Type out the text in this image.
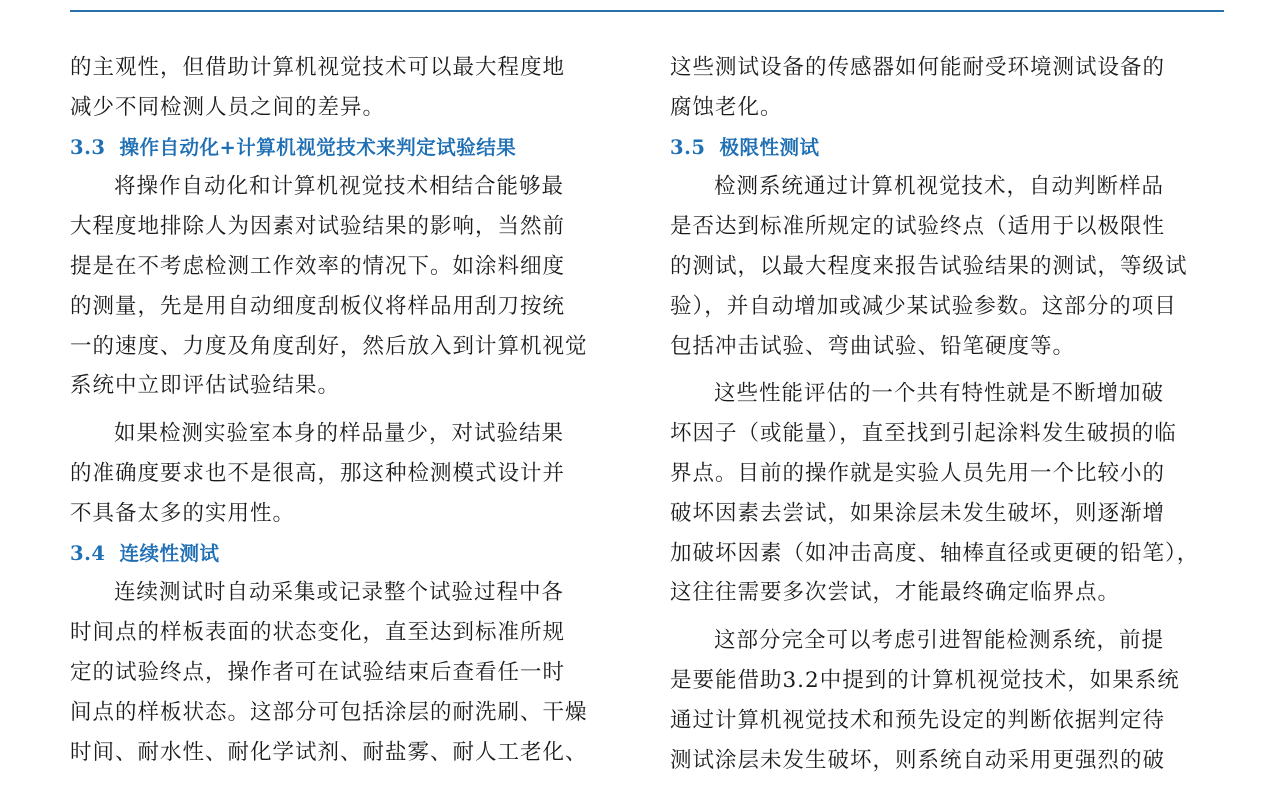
的主观性，但借助计算机视觉技术可以最大程度地
减少不同检测人员之间的差异。
3.3 操作自动化+计算机视觉技术来判定试验结果
将操作自动化和计算机视觉技术相结合能够最
大程度地排除人为因素对试验结果的影响，当然前
提是在不考虑检测工作效率的情况下。如涂料细度
的测量，先是用自动细度刮板仪将样品用刮刀按统
一的速度、力度及角度刮好，然后放入到计算机视觉
系统中立即评估试验结果。
如果检测实验室本身的样品量少，对试验结果
的准确度要求也不是很高，那这种检测模式设计并
不具备太多的实用性。
3.4 连续性测试
连续测试时自动采集或记录整个试验过程中各
时间点的样板表面的状态变化，直至达到标准所规
定的试验终点，操作者可在试验结束后查看任一时
间点的样板状态。这部分可包括涂层的耐洗刷、干燥
时间、耐水性、耐化学试剂、耐盐雾、耐人工老化、
这些测试设备的传感器如何能耐受环境测试设备的
腐蚀老化。
3.5 极限性测试
检测系统通过计算机视觉技术，自动判断样品
是否达到标准所规定的试验终点（适用于以极限性
的测试，以最大程度来报告试验结果的测试，等级试
验），并自动增加或减少某试验参数。这部分的项目
包括冲击试验、弯曲试验、铅笔硬度等。
这些性能评估的一个共有特性就是不断增加破
坏因子（或能量），直至找到引起涂料发生破损的临
界点。目前的操作就是实验人员先用一个比较小的
破坏因素去尝试，如果涂层未发生破坏，则逐渐增
加破坏因素（如冲击高度、轴棒直径或更硬的铅笔），
这往往需要多次尝试，才能最终确定临界点。
这部分完全可以考虑引进智能检测系统，前提
是要能借助3.2中提到的计算机视觉技术，如果系统
通过计算机视觉技术和预先设定的判断依据判定待
测试涂层未发生破坏，则系统自动采用更强烈的破
